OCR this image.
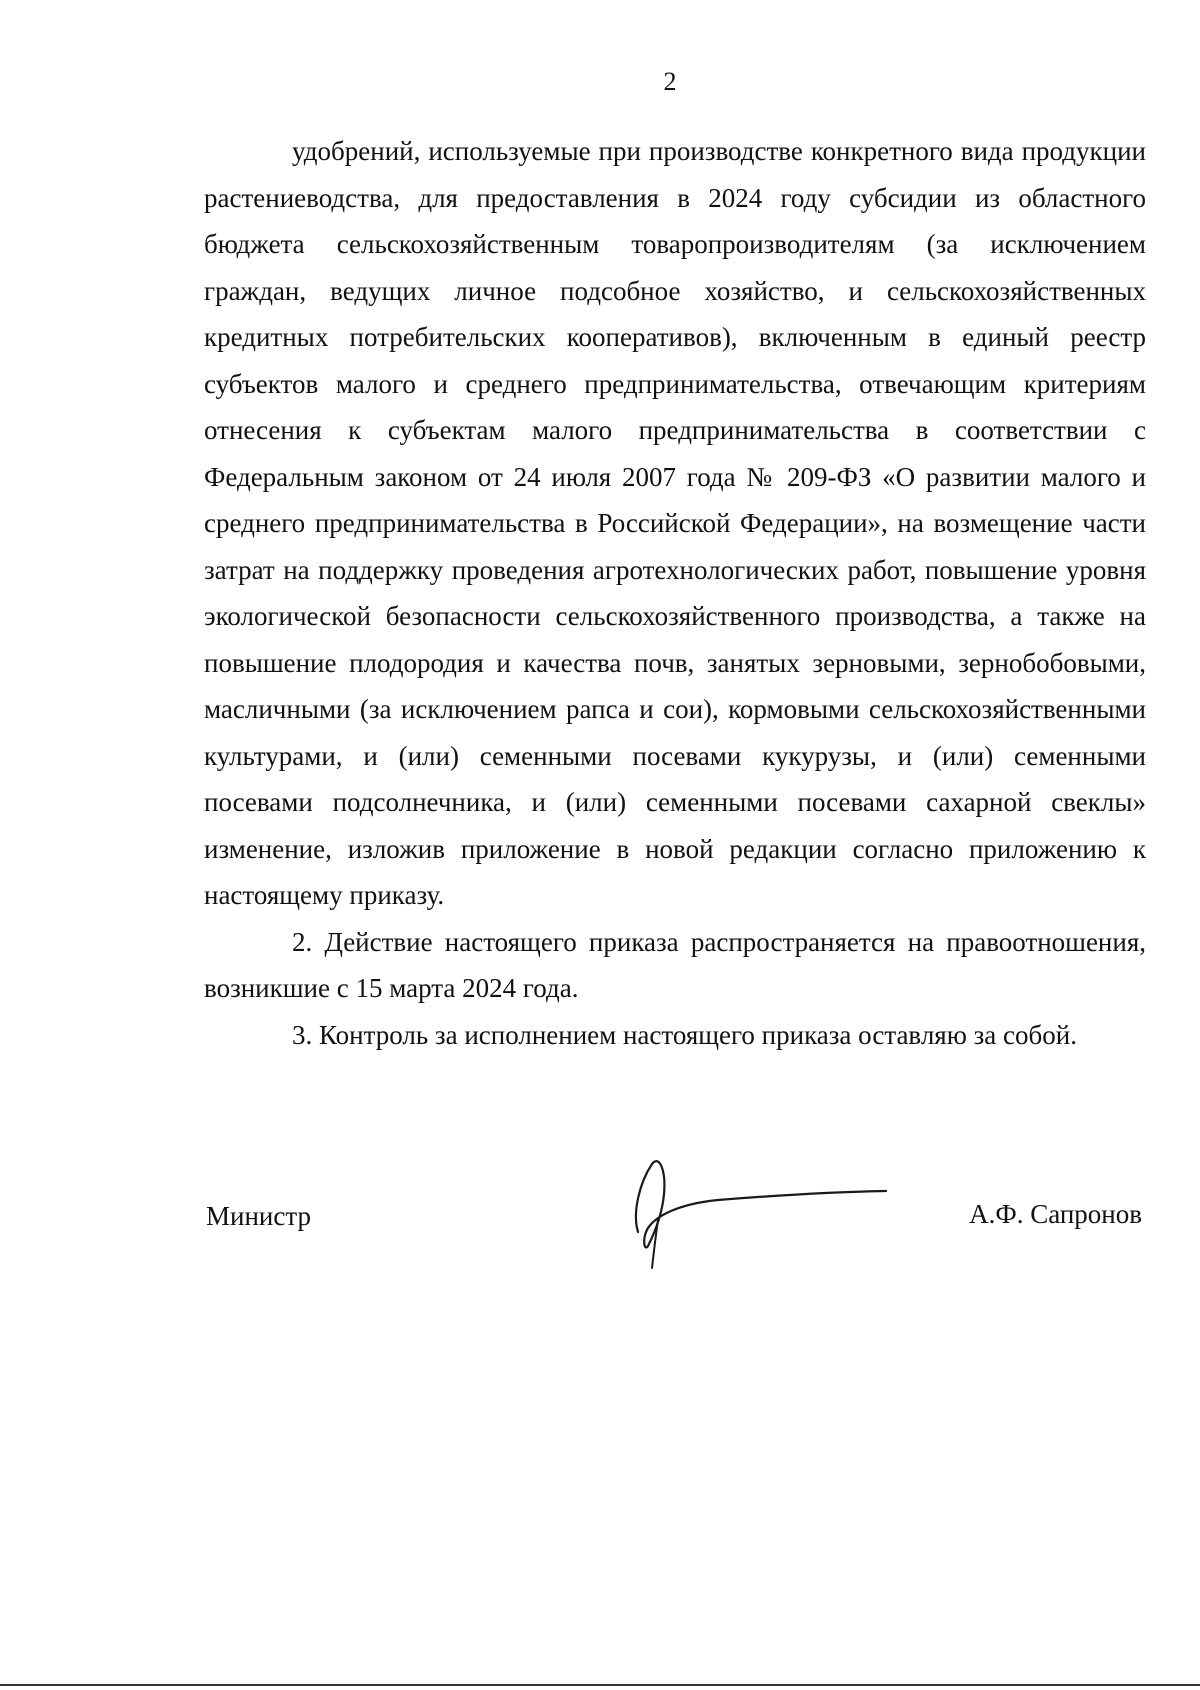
2

удобрений, используемые при производстве конкретного вида продукции растениеводства, для предоставления в 2024 году субсидии из областного бюджета сельскохозяйственным товаропроизводителям (за исключением граждан, ведущих личное подсобное хозяйство, и сельскохозяйственных кредитных потребительских кооперативов), включенным в единый реестр субъектов малого и среднего предпринимательства, отвечающим критериям отнесения к субъектам малого предпринимательства в соответствии с Федеральным законом от 24 июля 2007 года № 209-ФЗ «О развитии малого и среднего предпринимательства в Российской Федерации», на возмещение части затрат на поддержку проведения агротехнологических работ, повышение уровня экологической безопасности сельскохозяйственного производства, а также на повышение плодородия и качества почв, занятых зерновыми, зернобобовыми, масличными (за исключением рапса и сои), кормовыми сельскохозяйственными культурами, и (или) семенными посевами кукурузы, и (или) семенными посевами подсолнечника, и (или) семенными посевами сахарной свеклы» изменение, изложив приложение в новой редакции согласно приложению к настоящему приказу.

2. Действие настоящего приказа распространяется на правоотношения, возникшие с 15 марта 2024 года.

3. Контроль за исполнением настоящего приказа оставляю за собой.

Министр	А.Ф. Сапронов
